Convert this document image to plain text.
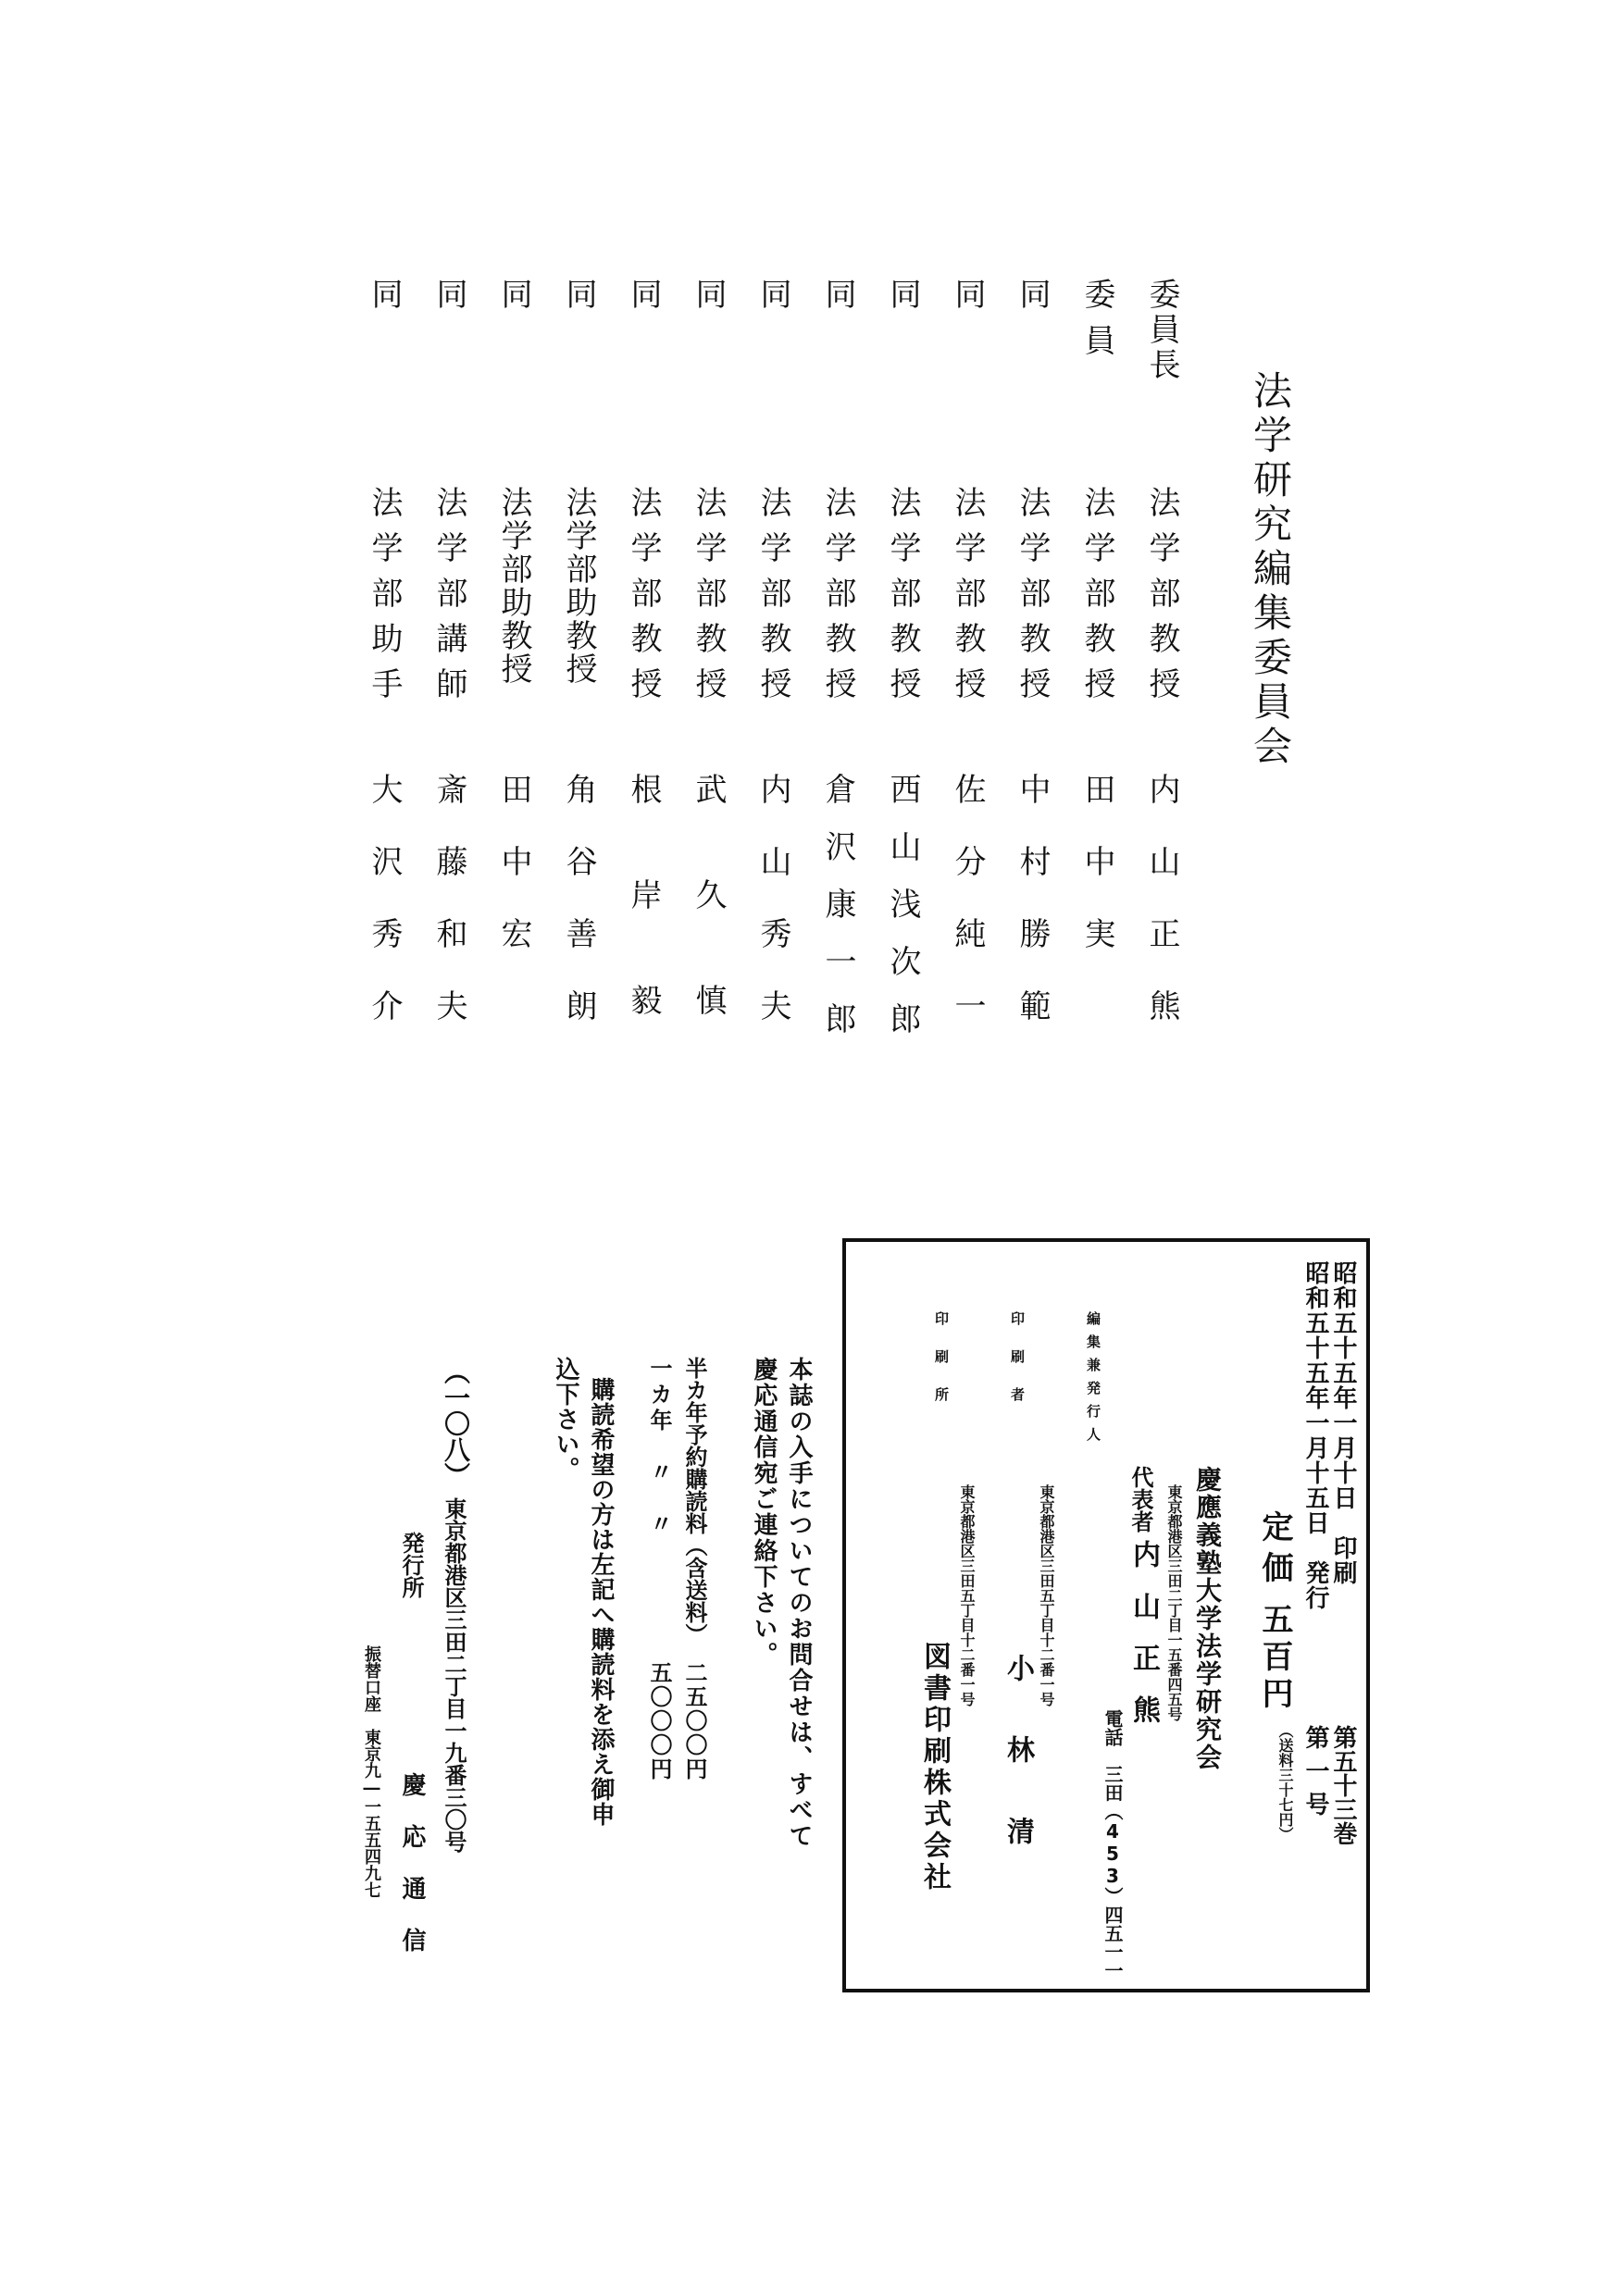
委員長
法学部教授
内山正熊
委員
法学部教授
田中実
同
法学部教授
中村勝範
同
法学部教授
佐分純一
同
法学部教授
西山浅次郎
同
法学部教授
倉沢康一郎
同
法学部教授
内山秀夫
同
法学部教授
武久慎
同
法学部教授
根岸毅
同
法学部助教授
角谷善朗
同
法学部助教授
田中宏
同
法学部講師
斎藤和夫
同
法学部助手
大沢秀介
法学研究編集委員会
昭和五十五年一月十日　印刷
昭和五十五年一月十五日　発行
第五十三巻
第一号
定価
五百円
（送料三十七円）
編集兼発行人
東京都港区三田二丁目一五番四五号 慶應義塾大学法学研究会
代表者
内山正熊
電話　三田（453）四五一一
印刷者
東京都港区三田五丁目十二番一号
小林清
印刷所
東京都港区三田五丁目十二番一号
図書印刷株式会社
本誌の入手についてのお問合せは、すべて
慶応通信宛ご連絡下さい。
半カ年予約購読料（含送料）
二五〇〇円
一カ年　〃　〃
五〇〇〇円
購読希望の方は左記へ購読料を添え御申
込下さい。
（一〇八）
東京都港区三田二丁目一九番三〇号
発行所
慶応通信
振替口座　東京九―一五五四九七
